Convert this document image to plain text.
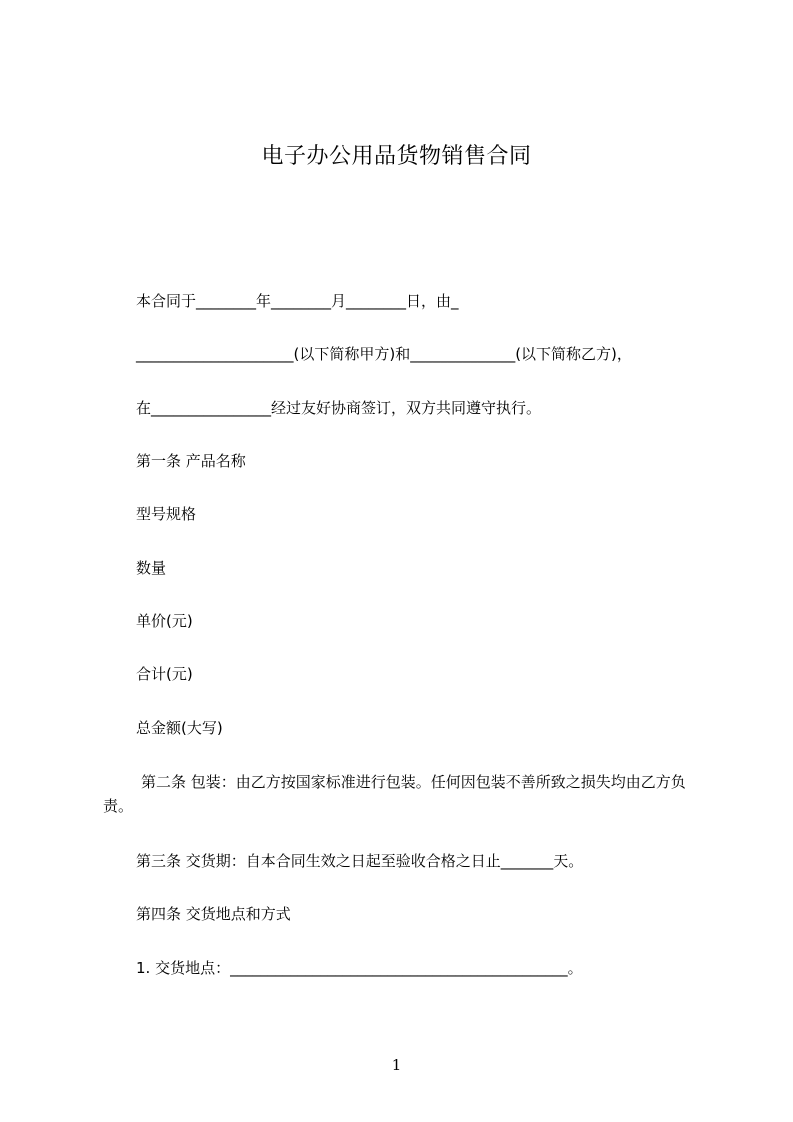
电子办公用品货物销售合同
本合同于________年________月________日，由_
_____________________(以下简称甲方)和______________(以下简称乙方)，
在________________经过友好协商签订，双方共同遵守执行。
第一条 产品名称
型号规格
数量
单价(元)
合计(元)
总金额(大写)
第二条 包装：由乙方按国家标准进行包装。任何因包装不善所致之损失均由乙方负责。
第三条 交货期：自本合同生效之日起至验收合格之日止_______天。
第四条 交货地点和方式
1. 交货地点：_____________________________________________。
1
